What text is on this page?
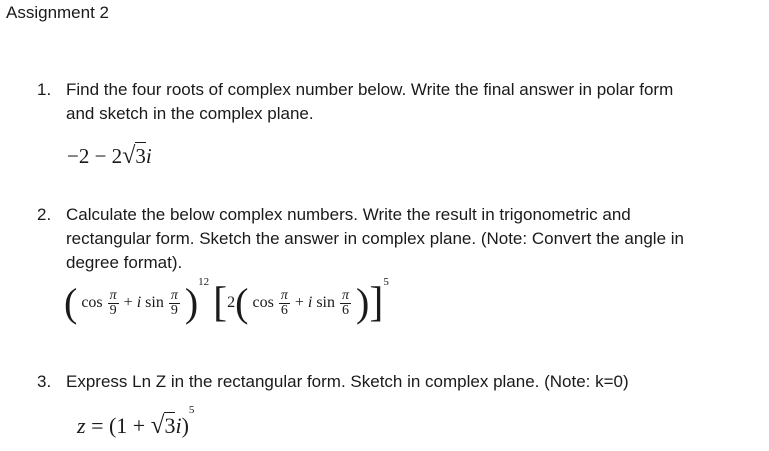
Assignment 2
1. Find the four roots of complex number below. Write the final answer in polar form
and sketch in the complex plane.
−2 − 2√3i
2. Calculate the below complex numbers. Write the result in trigonometric and
rectangular form. Sketch the answer in complex plane. (Note: Convert the angle in
degree format).
( $\cos \frac{\pi}{9} + i$ $\sin \frac{\pi}{9} )^{12}$ [2( $\cos \frac{\pi}{6} + i$ $\sin \frac{\pi}{6} )]^5$
3. Express Ln Z in the rectangular form. Sketch in complex plane. (Note: k=0)
$z = (1 + √3i)^5$
